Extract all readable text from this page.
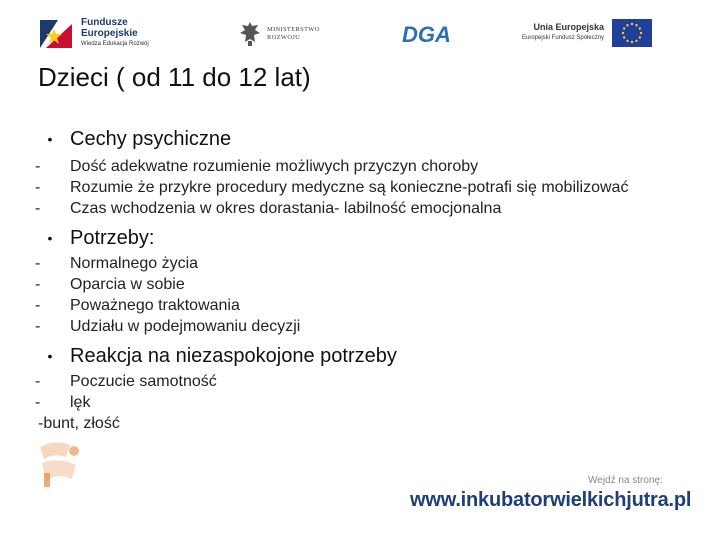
Fundusze
Europejskie
Wiedza Edukacja Rozwój
MINISTERSTWO
ROZWOJU	DGA	Unia Europejska
Europejski Fundusz Społeczny
Dzieci ( od 11 do 12 lat)
• Cechy psychiczne
-	Dość adekwatne rozumienie możliwych przyczyn choroby
-	Rozumie że przykre procedury medyczne są konieczne-potrafi się mobilizować
-	Czas wchodzenia w okres dorastania- labilność emocjonalna
• Potrzeby:
-	Normalnego życia
-	Oparcia w sobie
-	Poważnego traktowania
-	Udziału w podejmowaniu decyzji
• Reakcja na niezaspokojone potrzeby
-	Poczucie samotność
-	lęk
-bunt, złość
Wejdź na stronę:
www.inkubatorwielkichjutra.pl
